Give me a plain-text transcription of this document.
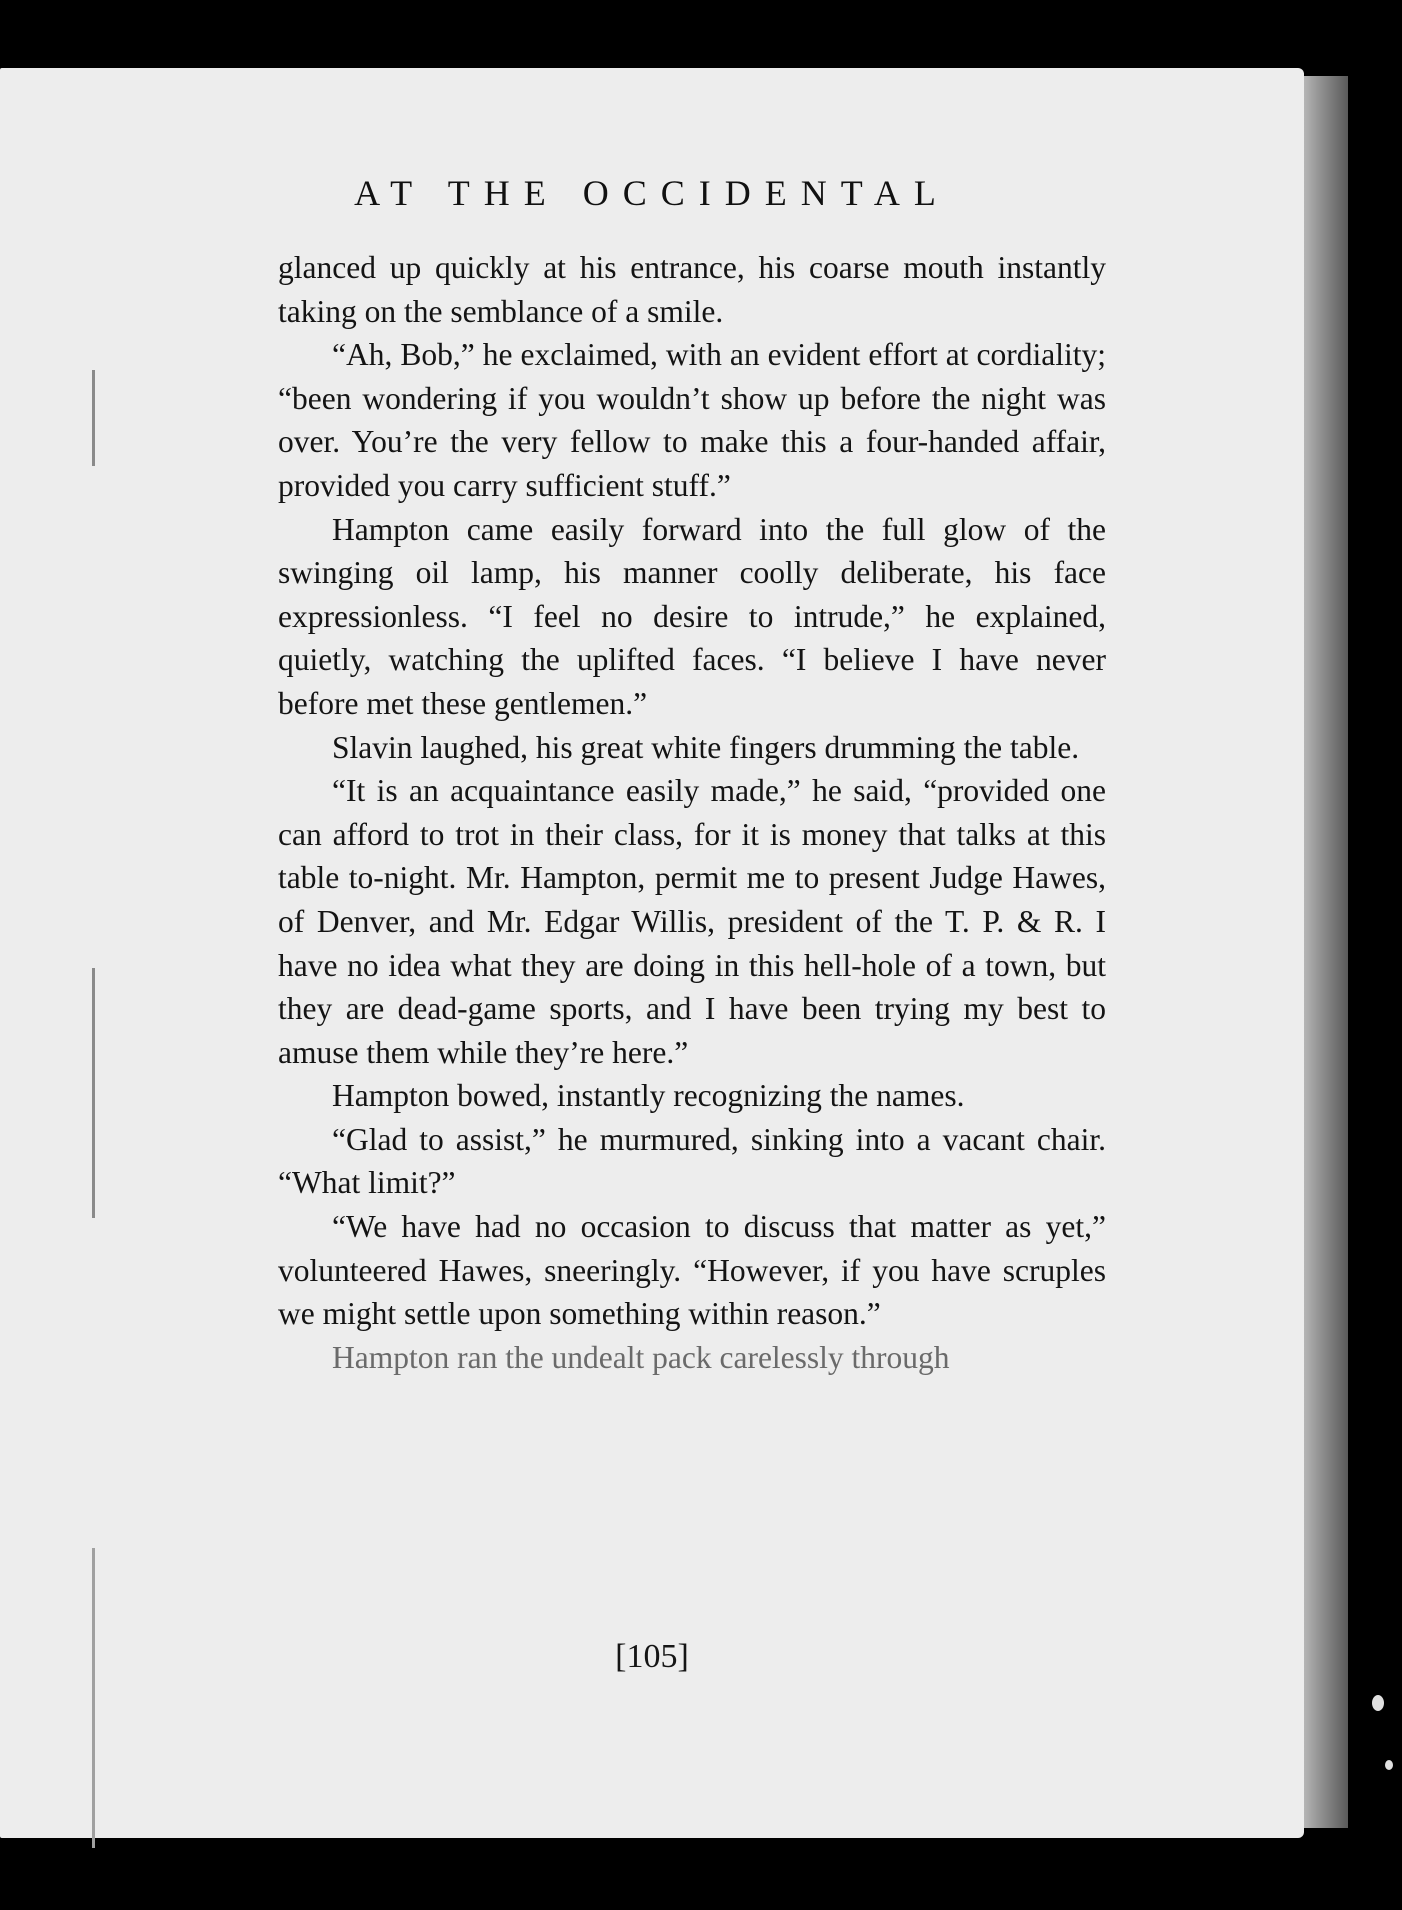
AT THE OCCIDENTAL

glanced up quickly at his entrance, his coarse mouth instantly taking on the semblance of a smile.

“Ah, Bob,” he exclaimed, with an evident effort at cordiality; “been wondering if you wouldn’t show up before the night was over. You’re the very fellow to make this a four-handed affair, provided you carry sufficient stuff.”

Hampton came easily forward into the full glow of the swinging oil lamp, his manner coolly deliberate, his face expressionless. “I feel no desire to intrude,” he explained, quietly, watching the uplifted faces. “I believe I have never before met these gentlemen.”

Slavin laughed, his great white fingers drumming the table.

“It is an acquaintance easily made,” he said, “provided one can afford to trot in their class, for it is money that talks at this table to-night. Mr. Hampton, permit me to present Judge Hawes, of Denver, and Mr. Edgar Willis, president of the T. P. & R. I have no idea what they are doing in this hell-hole of a town, but they are dead-game sports, and I have been trying my best to amuse them while they’re here.”

Hampton bowed, instantly recognizing the names.

“Glad to assist,” he murmured, sinking into a vacant chair. “What limit?”

“We have had no occasion to discuss that matter as yet,” volunteered Hawes, sneeringly. “However, if you have scruples we might settle upon something within reason.”

Hampton ran the undealt pack carelessly through

[105]
